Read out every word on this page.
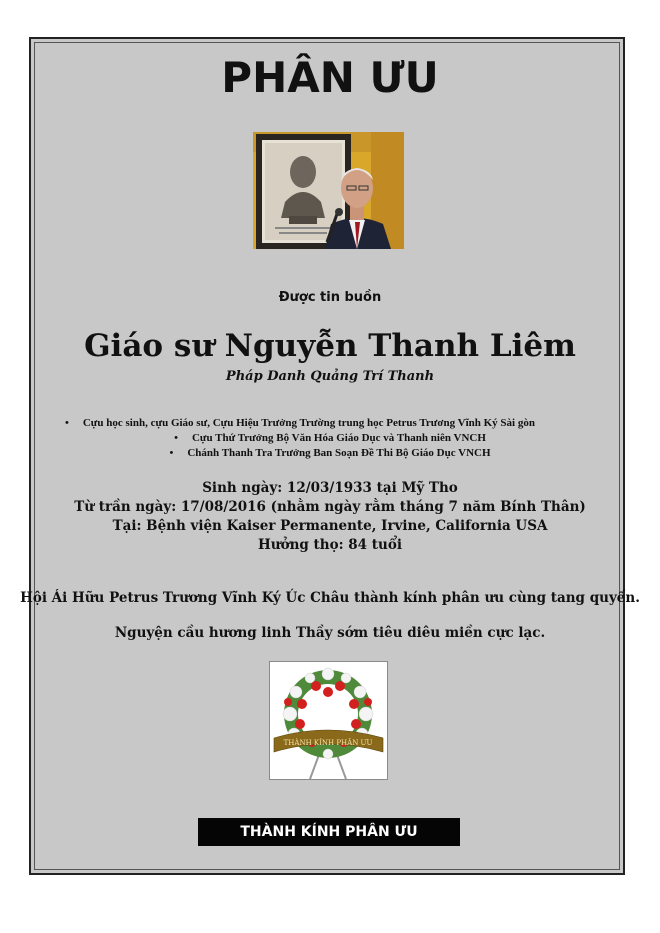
PHÂN ƯU
Được tin buồn
Giáo sư Nguyễn Thanh Liêm
Pháp Danh Quảng Trí Thanh
• Cựu học sinh, cựu Giáo sư, Cựu Hiệu Trưởng Trường trung học Petrus Trương Vĩnh Ký Sài gòn
• Cựu Thứ Trưởng Bộ Văn Hóa Giáo Dục và Thanh niên VNCH
• Chánh Thanh Tra Trưởng Ban Soạn Đề Thi Bộ Giáo Dục VNCH
Sinh ngày: 12/03/1933 tại Mỹ Tho
Từ trần ngày: 17/08/2016 (nhằm ngày rằm tháng 7 năm Bính Thân)
Tại: Bệnh viện Kaiser Permanente, Irvine, California USA
Hưởng thọ: 84 tuổi
Hội Ái Hữu Petrus Trương Vĩnh Ký Úc Châu thành kính phân ưu cùng tang quyến.
Nguyện cầu hương linh Thầy sớm tiêu diêu miền cực lạc.
THÀNH KÍNH PHÂN ƯU
THÀNH KÍNH PHÂN ƯU
